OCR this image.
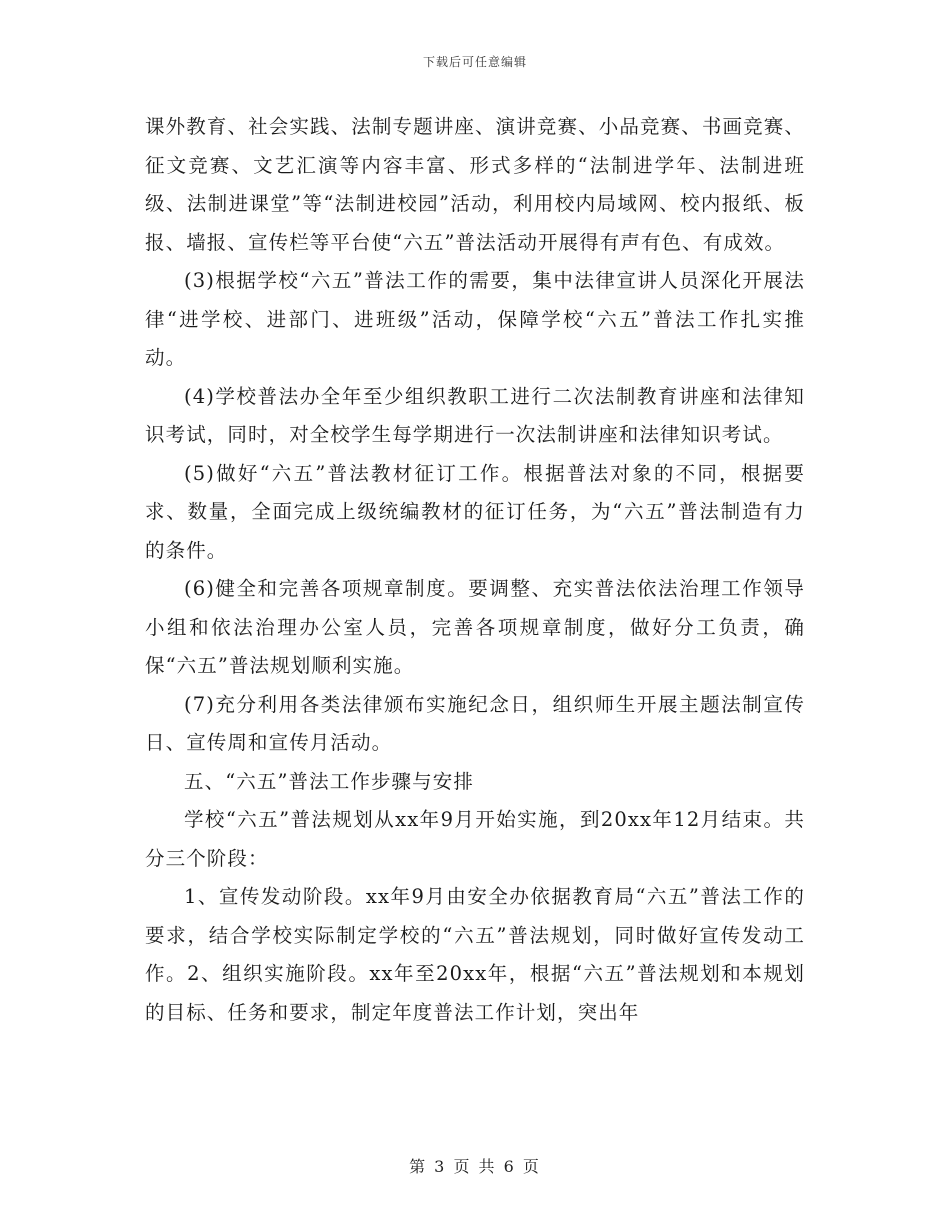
下载后可任意编辑

课外教育、社会实践、法制专题讲座、演讲竞赛、小品竞赛、书画竞赛、征文竞赛、文艺汇演等内容丰富、形式多样的“法制进学年、法制进班级、法制进课堂”等“法制进校园”活动，利用校内局域网、校内报纸、板报、墙报、宣传栏等平台使“六五”普法活动开展得有声有色、有成效。

(3)根据学校“六五”普法工作的需要，集中法律宣讲人员深化开展法律“进学校、进部门、进班级”活动，保障学校“六五”普法工作扎实推动。

(4)学校普法办全年至少组织教职工进行二次法制教育讲座和法律知识考试，同时，对全校学生每学期进行一次法制讲座和法律知识考试。

(5)做好“六五”普法教材征订工作。根据普法对象的不同，根据要求、数量，全面完成上级统编教材的征订任务，为“六五”普法制造有力的条件。

(6)健全和完善各项规章制度。要调整、充实普法依法治理工作领导小组和依法治理办公室人员，完善各项规章制度，做好分工负责，确保“六五”普法规划顺利实施。

(7)充分利用各类法律颁布实施纪念日，组织师生开展主题法制宣传日、宣传周和宣传月活动。

五、“六五”普法工作步骤与安排

学校“六五”普法规划从xx年9月开始实施，到20xx年12月结束。共分三个阶段：

1、宣传发动阶段。xx年9月由安全办依据教育局“六五”普法工作的要求，结合学校实际制定学校的“六五”普法规划，同时做好宣传发动工作。2、组织实施阶段。xx年至20xx年，根据“六五”普法规划和本规划的目标、任务和要求，制定年度普法工作计划，突出年

第 3 页 共 6 页
